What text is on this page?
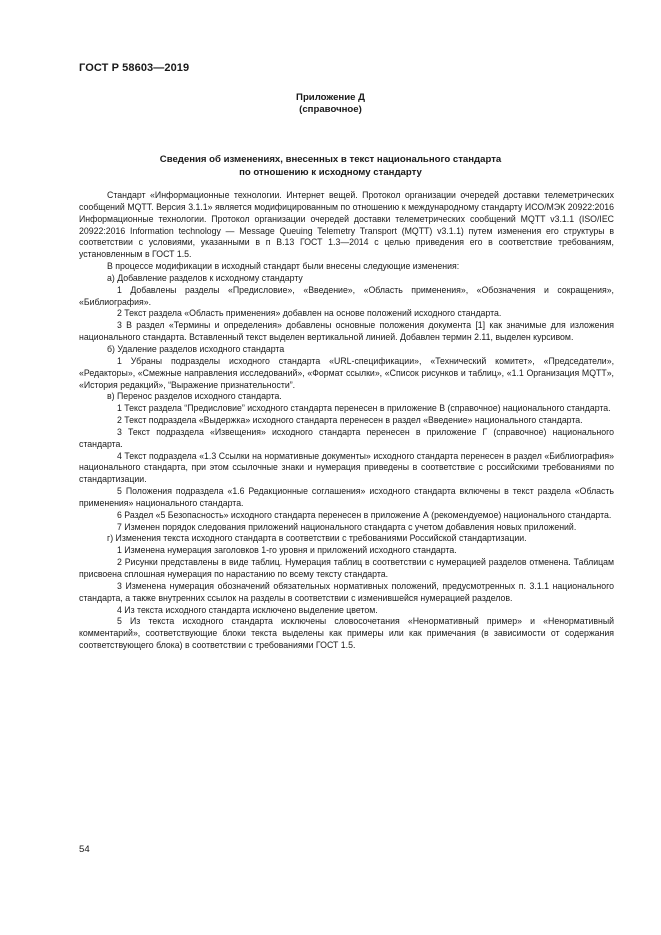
ГОСТ Р 58603—2019
Приложение Д
(справочное)
Сведения об изменениях, внесенных в текст национального стандарта
по отношению к исходному стандарту

Стандарт «Информационные технологии. Интернет вещей. Протокол организации очередей доставки телеметрических сообщений MQTT. Версия 3.1.1» является модифицированным по отношению к международному стандарту ИСО/МЭК 20922:2016 Информационные технологии. Протокол организации очередей доставки телеметрических сообщений MQTT v3.1.1 (ISO/IEC 20922:2016 Information technology — Message Queuing Telemetry Transport (MQTT) v3.1.1) путем изменения его структуры в соответствии с условиями, указанными в п B.13 ГОСТ 1.3—2014 с целью приведения его в соответствие требованиям, установленным в ГОСТ 1.5.

В процессе модификации в исходный стандарт были внесены следующие изменения:

а) Добавление разделов к исходному стандарту

1 Добавлены разделы «Предисловие», «Введение», «Область применения», «Обозначения и сокращения», «Библиография».

2 Текст раздела «Область применения» добавлен на основе положений исходного стандарта.

3 В раздел «Термины и определения» добавлены основные положения документа [1] как значимые для изложения национального стандарта. Вставленный текст выделен вертикальной линией. Добавлен термин 2.11, выделен курсивом.

б) Удаление разделов исходного стандарта

1 Убраны подразделы исходного стандарта «URL-спецификации», «Технический комитет», «Председатели», «Редакторы», «Смежные направления исследований», «Формат ссылки», «Список рисунков и таблиц», «1.1 Организация MQTT», «История редакций», “Выражение признательности”.

в) Перенос разделов исходного стандарта.

1 Текст раздела “Предисловие” исходного стандарта перенесен в приложение В (справочное) национального стандарта.

2 Текст подраздела «Выдержка» исходного стандарта перенесен в раздел «Введение» национального стандарта.

3 Текст подраздела «Извещения» исходного стандарта перенесен в приложение Г (справочное) национального стандарта.

4 Текст подраздела «1.3 Ссылки на нормативные документы» исходного стандарта перенесен в раздел «Библиография» национального стандарта, при этом ссылочные знаки и нумерация приведены в соответствие с российскими требованиями по стандартизации.

5 Положения подраздела «1.6 Редакционные соглашения» исходного стандарта включены в текст раздела «Область применения» национального стандарта.

6 Раздел «5 Безопасность» исходного стандарта перенесен в приложение А (рекомендуемое) национального стандарта.

7 Изменен порядок следования приложений национального стандарта с учетом добавления новых приложений.

г) Изменения текста исходного стандарта в соответствии с требованиями Российской стандартизации.

1 Изменена нумерация заголовков 1-го уровня и приложений исходного стандарта.

2 Рисунки представлены в виде таблиц. Нумерация таблиц в соответствии с нумерацией разделов отменена. Таблицам присвоена сплошная нумерация по нарастанию по всему тексту стандарта.

3 Изменена нумерация обозначений обязательных нормативных положений, предусмотренных п. 3.1.1 национального стандарта, а также внутренних ссылок на разделы в соответствии с изменившейся нумерацией разделов.

4 Из текста исходного стандарта исключено выделение цветом.

5 Из текста исходного стандарта исключены словосочетания «Ненормативный пример» и «Ненормативный комментарий», соответствующие блоки текста выделены как примеры или как примечания (в зависимости от содержания соответствующего блока) в соответствии с требованиями ГОСТ 1.5.

54
